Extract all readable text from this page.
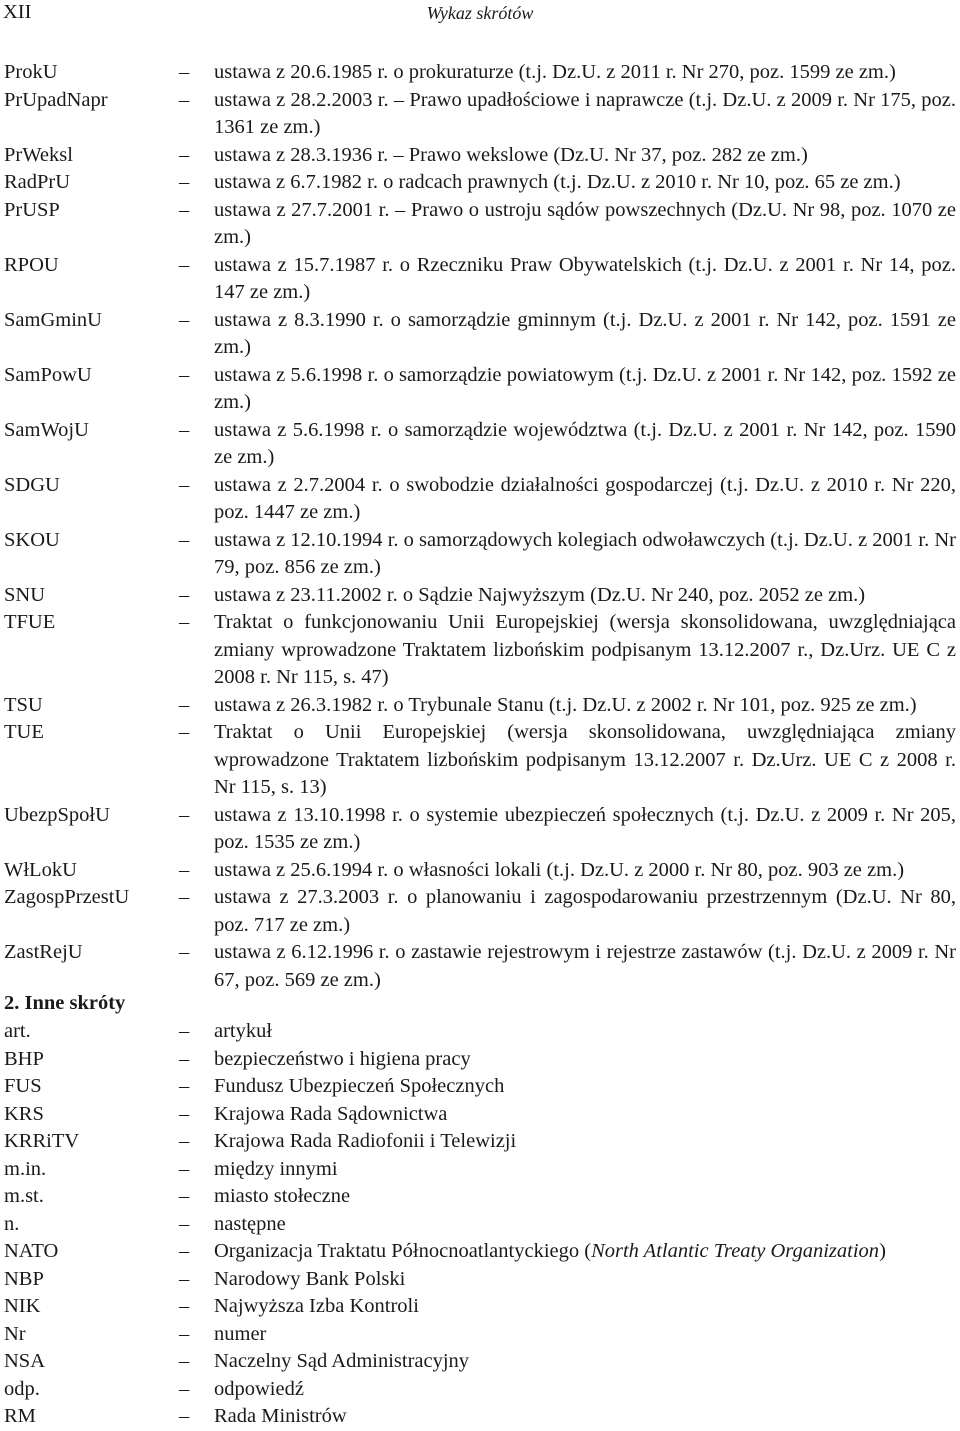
XII	Wykaz skrótów
ProkU	–	ustawa z 20.6.1985 r. o prokuraturze (t.j. Dz.U. z 2011 r. Nr 270, poz. 1599 ze zm.)
PrUpadNapr	–	ustawa z 28.2.2003 r. – Prawo upadłościowe i naprawcze (t.j. Dz.U. z 2009 r. Nr 175, poz. 1361 ze zm.)
PrWeksl	–	ustawa z 28.3.1936 r. – Prawo wekslowe (Dz.U. Nr 37, poz. 282 ze zm.)
RadPrU	–	ustawa z 6.7.1982 r. o radcach prawnych (t.j. Dz.U. z 2010 r. Nr 10, poz. 65 ze zm.)
PrUSP	–	ustawa z 27.7.2001 r. – Prawo o ustroju sądów powszechnych (Dz.U. Nr 98, poz. 1070 ze zm.)
RPOU	–	ustawa z 15.7.1987 r. o Rzeczniku Praw Obywatelskich (t.j. Dz.U. z 2001 r. Nr 14, poz. 147 ze zm.)
SamGminU	–	ustawa z 8.3.1990 r. o samorządzie gminnym (t.j. Dz.U. z 2001 r. Nr 142, poz. 1591 ze zm.)
SamPowU	–	ustawa z 5.6.1998 r. o samorządzie powiatowym (t.j. Dz.U. z 2001 r. Nr 142, poz. 1592 ze zm.)
SamWojU	–	ustawa z 5.6.1998 r. o samorządzie województwa (t.j. Dz.U. z 2001 r. Nr 142, poz. 1590 ze zm.)
SDGU	–	ustawa z 2.7.2004 r. o swobodzie działalności gospodarczej (t.j. Dz.U. z 2010 r. Nr 220, poz. 1447 ze zm.)
SKOU	–	ustawa z 12.10.1994 r. o samorządowych kolegiach odwoławczych (t.j. Dz.U. z 2001 r. Nr 79, poz. 856 ze zm.)
SNU	–	ustawa z 23.11.2002 r. o Sądzie Najwyższym (Dz.U. Nr 240, poz. 2052 ze zm.)
TFUE	–	Traktat o funkcjonowaniu Unii Europejskiej (wersja skonsolidowana, uwzględniająca zmiany wprowadzone Traktatem lizbońskim podpisanym 13.12.2007 r., Dz.Urz. UE C z 2008 r. Nr 115, s. 47)
TSU	–	ustawa z 26.3.1982 r. o Trybunale Stanu (t.j. Dz.U. z 2002 r. Nr 101, poz. 925 ze zm.)
TUE	–	Traktat o Unii Europejskiej (wersja skonsolidowana, uwzględniająca zmiany wprowadzone Traktatem lizbońskim podpisanym 13.12.2007 r. Dz.Urz. UE C z 2008 r. Nr 115, s. 13)
UbezpSpołU	–	ustawa z 13.10.1998 r. o systemie ubezpieczeń społecznych (t.j. Dz.U. z 2009 r. Nr 205, poz. 1535 ze zm.)
WłLokU	–	ustawa z 25.6.1994 r. o własności lokali (t.j. Dz.U. z 2000 r. Nr 80, poz. 903 ze zm.)
ZagospPrzestU	–	ustawa z 27.3.2003 r. o planowaniu i zagospodarowaniu przestrzennym (Dz.U. Nr 80, poz. 717 ze zm.)
ZastRejU	–	ustawa z 6.12.1996 r. o zastawie rejestrowym i rejestrze zastawów (t.j. Dz.U. z 2009 r. Nr 67, poz. 569 ze zm.)
2. Inne skróty
art.	–	artykuł
BHP	–	bezpieczeństwo i higiena pracy
FUS	–	Fundusz Ubezpieczeń Społecznych
KRS	–	Krajowa Rada Sądownictwa
KRRiTV	–	Krajowa Rada Radiofonii i Telewizji
m.in.	–	między innymi
m.st.	–	miasto stołeczne
n.	–	następne
NATO	–	Organizacja Traktatu Północnoatlantyckiego (North Atlantic Treaty Organization)
NBP	–	Narodowy Bank Polski
NIK	–	Najwyższa Izba Kontroli
Nr	–	numer
NSA	–	Naczelny Sąd Administracyjny
odp.	–	odpowiedź
RM	–	Rada Ministrów
